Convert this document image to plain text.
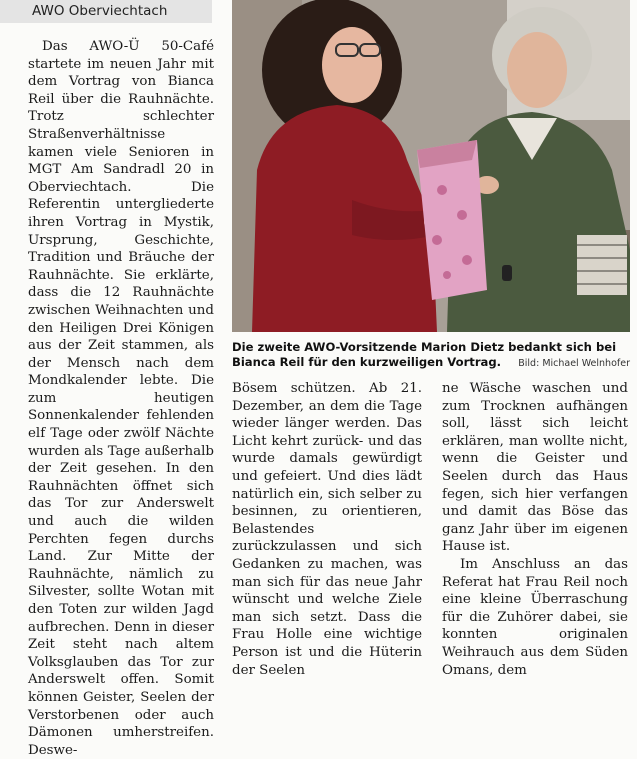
AWO Oberviechtach

Das AWO-Ü 50-Café startete im neuen Jahr mit dem Vortrag von Bianca Reil über die Rauhnächte. Trotz schlechter Straßenverhältnisse kamen viele Senioren in MGT Am Sandradl 20 in Oberviechtach. Die Referentin untergliederte ihren Vortrag in Mystik, Ursprung, Geschichte, Tradition und Bräuche der Rauhnächte. Sie erklärte, dass die 12 Rauhnächte zwischen Weihnachten und den Heiligen Drei Königen aus der Zeit stammen, als der Mensch nach dem Mondkalender lebte. Die zum heutigen Sonnenkalender fehlenden elf Tage oder zwölf Nächte wurden als Tage außerhalb der Zeit gesehen. In den Rauhnächten öffnet sich das Tor zur Anderswelt und auch die wilden Perchten fegen durchs Land. Zur Mitte der Rauhnächte, nämlich zu Silvester, sollte Wotan mit den Toten zur wilden Jagd aufbrechen. Denn in dieser Zeit steht nach altem Volksglauben das Tor zur Anderswelt offen. Somit können Geister, Seelen der Verstorbenen oder auch Dämonen umherstreifen. Deswe-

Die zweite AWO-Vorsitzende Marion Dietz bedankt sich bei Bianca Reil für den kurzweiligen Vortrag.	Bild: Michael Welnhofer

Bösem schützen. Ab 21. Dezember, an dem die Tage wieder länger werden. Das Licht kehrt zurück- und das wurde damals gewürdigt und gefeiert. Und dies lädt natürlich ein, sich selber zu besinnen, zu orientieren, Belastendes zurückzulassen und sich Gedanken zu machen, was man sich für das neue Jahr wünscht und welche Ziele man sich setzt. Dass die Frau Holle eine wichtige Person ist und die Hüterin der Seelen

ne Wäsche waschen und zum Trocknen aufhängen soll, lässt sich leicht erklären, man wollte nicht, wenn die Geister und Seelen durch das Haus fegen, sich hier verfangen und damit das Böse das ganz Jahr über im eigenen Hause ist.

Im Anschluss an das Referat hat Frau Reil noch eine kleine Überraschung für die Zuhörer dabei, sie konnten originalen Weihrauch aus dem Süden Omans, dem
